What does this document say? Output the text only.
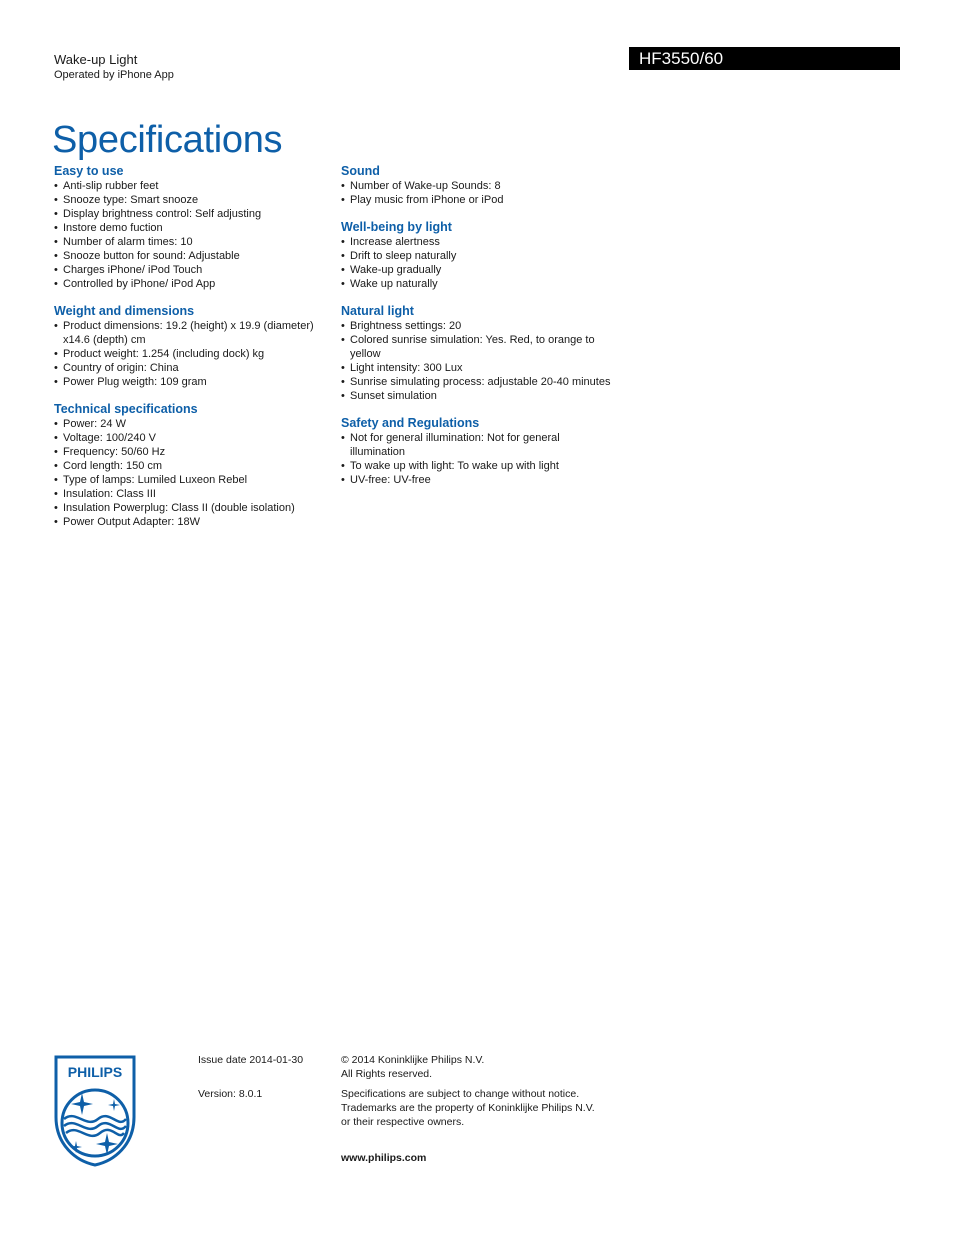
Wake-up Light
Operated by iPhone App
HF3550/60
Specifications
Easy to use
• Anti-slip rubber feet
• Snooze type: Smart snooze
• Display brightness control: Self adjusting
• Instore demo fuction
• Number of alarm times: 10
• Snooze button for sound: Adjustable
• Charges iPhone/ iPod Touch
• Controlled by iPhone/ iPod App
Weight and dimensions
• Product dimensions: 19.2 (height) x 19.9 (diameter) x14.6 (depth) cm
• Product weight: 1.254 (including dock) kg
• Country of origin: China
• Power Plug weigth: 109 gram
Technical specifications
• Power: 24 W
• Voltage: 100/240 V
• Frequency: 50/60 Hz
• Cord length: 150 cm
• Type of lamps: Lumiled Luxeon Rebel
• Insulation: Class III
• Insulation Powerplug: Class II (double isolation)
• Power Output Adapter: 18W
Sound
• Number of Wake-up Sounds: 8
• Play music from iPhone or iPod
Well-being by light
• Increase alertness
• Drift to sleep naturally
• Wake-up gradually
• Wake up naturally
Natural light
• Brightness settings: 20
• Colored sunrise simulation: Yes. Red, to orange to yellow
• Light intensity: 300 Lux
• Sunrise simulating process: adjustable 20-40 minutes
• Sunset simulation
Safety and Regulations
• Not for general illumination: Not for general illumination
• To wake up with light: To wake up with light
• UV-free: UV-free
PHILIPS
Issue date 2014-01-30
Version: 8.0.1
© 2014 Koninklijke Philips N.V.
All Rights reserved.
Specifications are subject to change without notice.
Trademarks are the property of Koninklijke Philips N.V.
or their respective owners.
www.philips.com
